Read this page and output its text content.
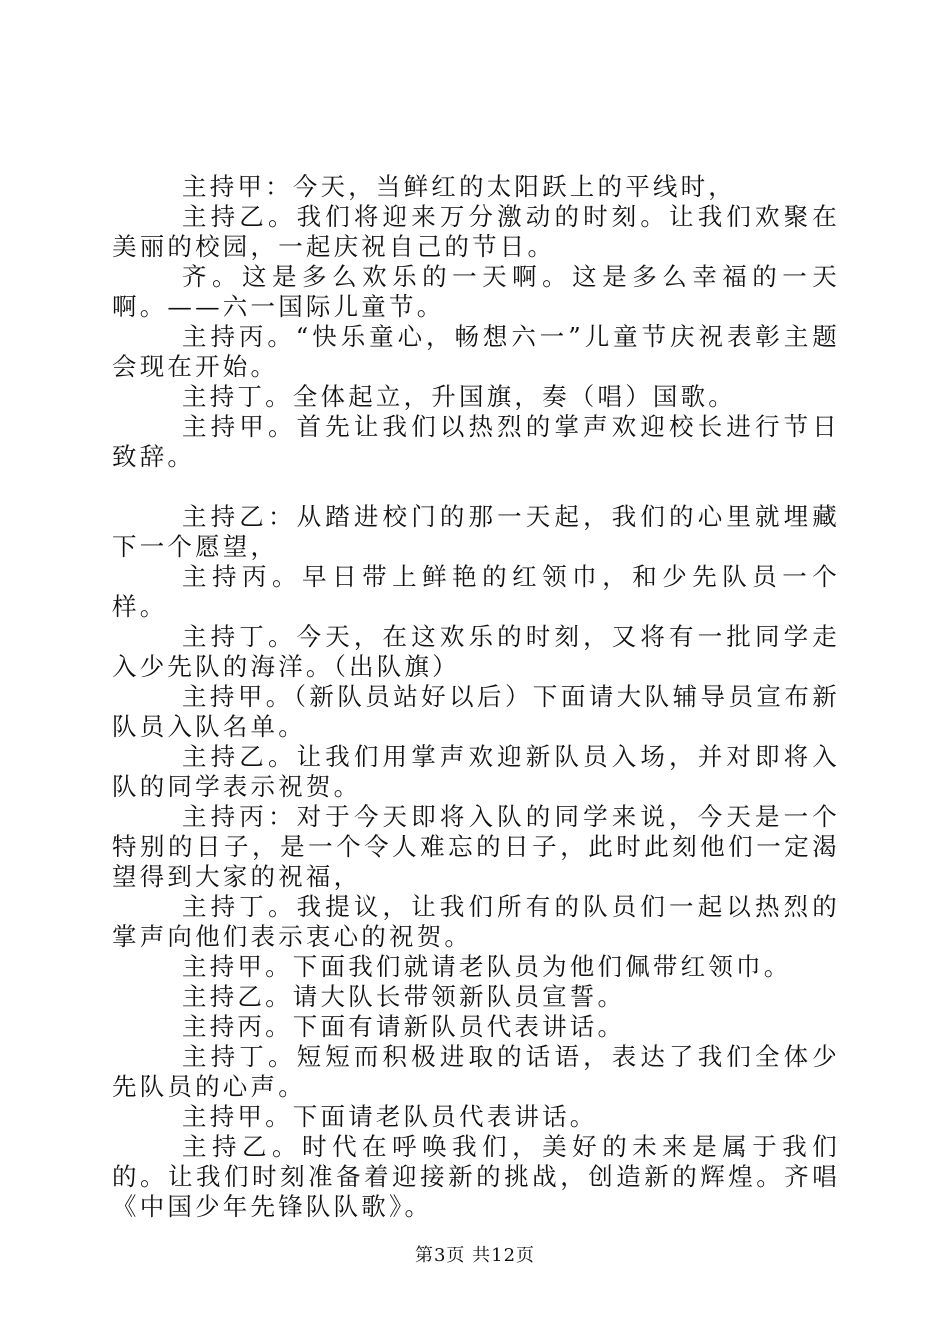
主持甲：今天，当鲜红的太阳跃上的平线时，

主持乙。我们将迎来万分激动的时刻。让我们欢聚在美丽的校园，一起庆祝自己的节日。

齐。这是多么欢乐的一天啊。这是多么幸福的一天啊。——六一国际儿童节。

主持丙。“快乐童心，畅想六一”儿童节庆祝表彰主题会现在开始。

主持丁。全体起立，升国旗，奏（唱）国歌。

主持甲。首先让我们以热烈的掌声欢迎校长进行节日致辞。

主持乙：从踏进校门的那一天起，我们的心里就埋藏下一个愿望，

主持丙。早日带上鲜艳的红领巾，和少先队员一个样。

主持丁。今天，在这欢乐的时刻，又将有一批同学走入少先队的海洋。（出队旗）

主持甲。（新队员站好以后）下面请大队辅导员宣布新队员入队名单。

主持乙。让我们用掌声欢迎新队员入场，并对即将入队的同学表示祝贺。

主持丙：对于今天即将入队的同学来说，今天是一个特别的日子，是一个令人难忘的日子，此时此刻他们一定渴望得到大家的祝福，

主持丁。我提议，让我们所有的队员们一起以热烈的掌声向他们表示衷心的祝贺。

主持甲。下面我们就请老队员为他们佩带红领巾。

主持乙。请大队长带领新队员宣誓。

主持丙。下面有请新队员代表讲话。

主持丁。短短而积极进取的话语，表达了我们全体少先队员的心声。

主持甲。下面请老队员代表讲话。

主持乙。时代在呼唤我们，美好的未来是属于我们的。让我们时刻准备着迎接新的挑战，创造新的辉煌。齐唱《中国少年先锋队队歌》。

第3页 共12页
